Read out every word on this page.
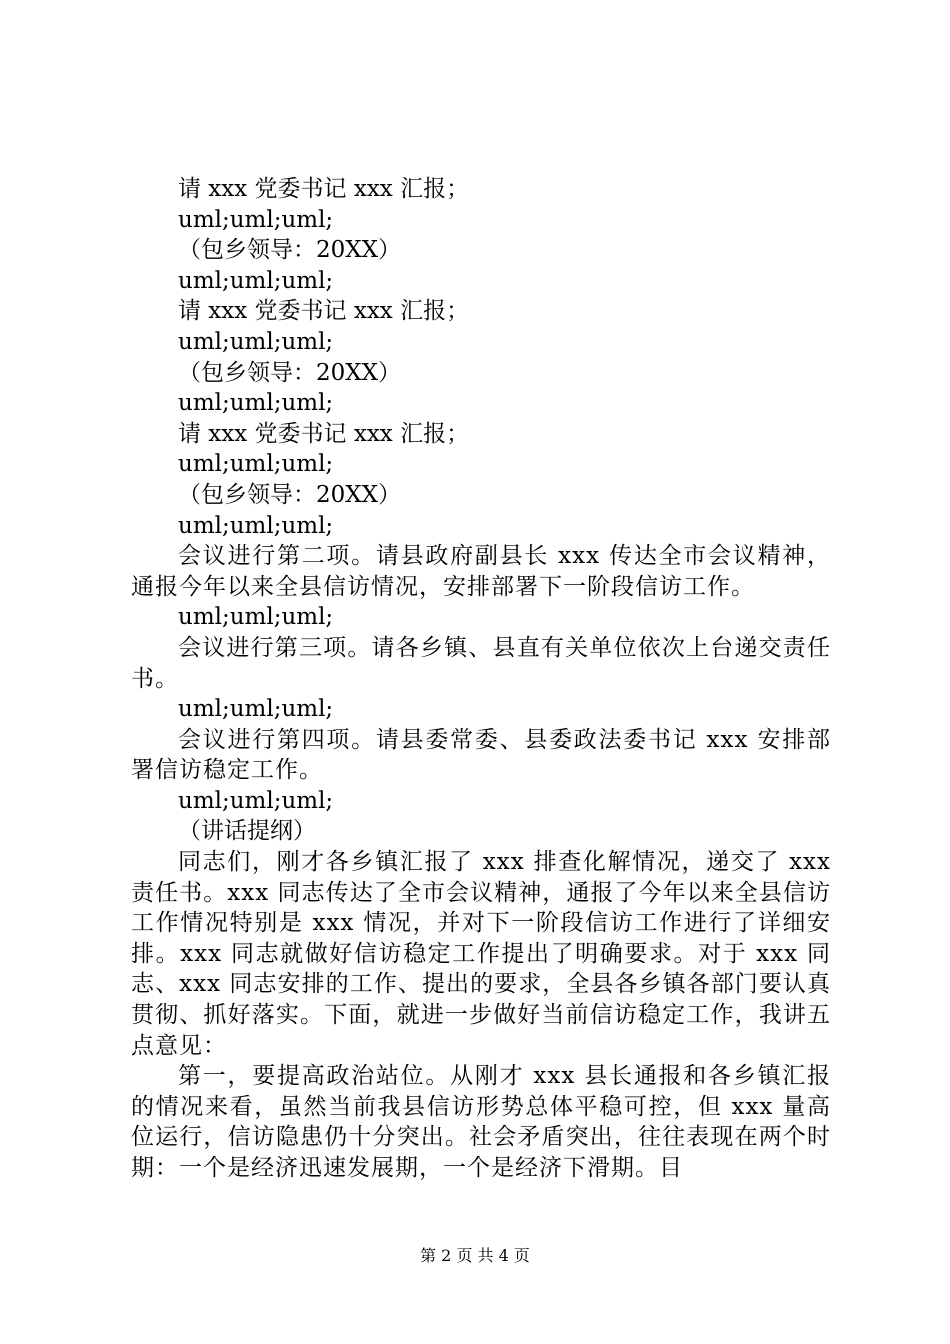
请 xxx 党委书记 xxx 汇报；

uml;uml;uml;

（包乡领导：20XX）

uml;uml;uml;

请 xxx 党委书记 xxx 汇报；

uml;uml;uml;

（包乡领导：20XX）

uml;uml;uml;

请 xxx 党委书记 xxx 汇报；

uml;uml;uml;

（包乡领导：20XX）

uml;uml;uml;

会议进行第二项。请县政府副县长 xxx 传达全市会议精神，通报今年以来全县信访情况，安排部署下一阶段信访工作。

uml;uml;uml;

会议进行第三项。请各乡镇、县直有关单位依次上台递交责任书。

uml;uml;uml;

会议进行第四项。请县委常委、县委政法委书记 xxx 安排部署信访稳定工作。

uml;uml;uml;

（讲话提纲）

同志们，刚才各乡镇汇报了 xxx 排查化解情况，递交了 xxx 责任书。xxx 同志传达了全市会议精神，通报了今年以来全县信访工作情况特别是 xxx 情况，并对下一阶段信访工作进行了详细安排。xxx 同志就做好信访稳定工作提出了明确要求。对于 xxx 同志、xxx 同志安排的工作、提出的要求，全县各乡镇各部门要认真贯彻、抓好落实。下面，就进一步做好当前信访稳定工作，我讲五点意见：

第一，要提高政治站位。从刚才 xxx 县长通报和各乡镇汇报的情况来看，虽然当前我县信访形势总体平稳可控，但 xxx 量高位运行，信访隐患仍十分突出。社会矛盾突出，往往表现在两个时期：一个是经济迅速发展期，一个是经济下滑期。目

第 2 页 共 4 页
